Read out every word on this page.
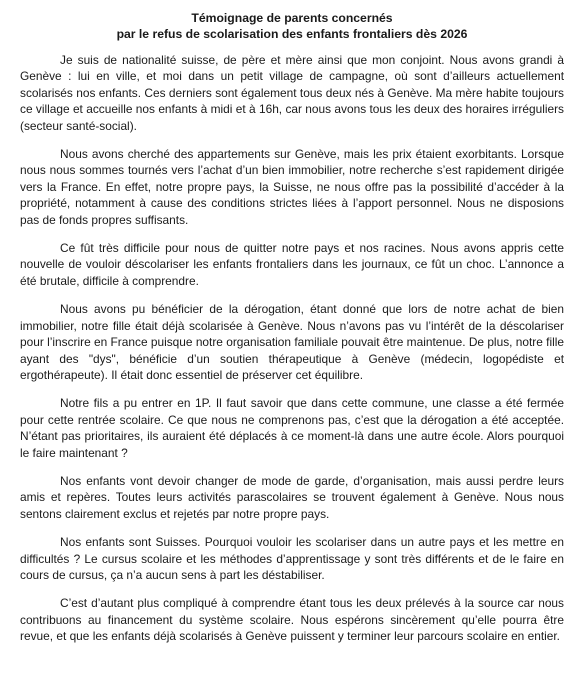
Témoignage de parents concernés
par le refus de scolarisation des enfants frontaliers dès 2026

Je suis de nationalité suisse, de père et mère ainsi que mon conjoint. Nous avons grandi à Genève : lui en ville, et moi dans un petit village de campagne, où sont d’ailleurs actuellement scolarisés nos enfants. Ces derniers sont également tous deux nés à Genève. Ma mère habite toujours ce village et accueille nos enfants à midi et à 16h, car nous avons tous les deux des horaires irréguliers (secteur santé-social).

Nous avons cherché des appartements sur Genève, mais les prix étaient exorbitants. Lorsque nous nous sommes tournés vers l’achat d’un bien immobilier, notre recherche s’est rapidement dirigée vers la France. En effet, notre propre pays, la Suisse, ne nous offre pas la possibilité d’accéder à la propriété, notamment à cause des conditions strictes liées à l’apport personnel. Nous ne disposions pas de fonds propres suffisants.

Ce fût très difficile pour nous de quitter notre pays et nos racines. Nous avons appris cette nouvelle de vouloir déscolariser les enfants frontaliers dans les journaux, ce fût un choc. L’annonce a été brutale, difficile à comprendre.

Nous avons pu bénéficier de la dérogation, étant donné que lors de notre achat de bien immobilier, notre fille était déjà scolarisée à Genève. Nous n’avons pas vu l’intérêt de la déscolariser pour l’inscrire en France puisque notre organisation familiale pouvait être maintenue. De plus, notre fille ayant des "dys", bénéficie d’un soutien thérapeutique à Genève (médecin, logopédiste et ergothérapeute). Il était donc essentiel de préserver cet équilibre.

Notre fils a pu entrer en 1P. Il faut savoir que dans cette commune, une classe a été fermée pour cette rentrée scolaire. Ce que nous ne comprenons pas, c’est que la dérogation a été acceptée. N’étant pas prioritaires, ils auraient été déplacés à ce moment-là dans une autre école. Alors pourquoi le faire maintenant ?

Nos enfants vont devoir changer de mode de garde, d’organisation, mais aussi perdre leurs amis et repères. Toutes leurs activités parascolaires se trouvent également à Genève. Nous nous sentons clairement exclus et rejetés par notre propre pays.

Nos enfants sont Suisses. Pourquoi vouloir les scolariser dans un autre pays et les mettre en difficultés ? Le cursus scolaire et les méthodes d’apprentissage y sont très différents et de le faire en cours de cursus, ça n’a aucun sens à part les déstabiliser.

C’est d’autant plus compliqué à comprendre étant tous les deux prélevés à la source car nous contribuons au financement du système scolaire. Nous espérons sincèrement qu’elle pourra être revue, et que les enfants déjà scolarisés à Genève puissent y terminer leur parcours scolaire en entier.
